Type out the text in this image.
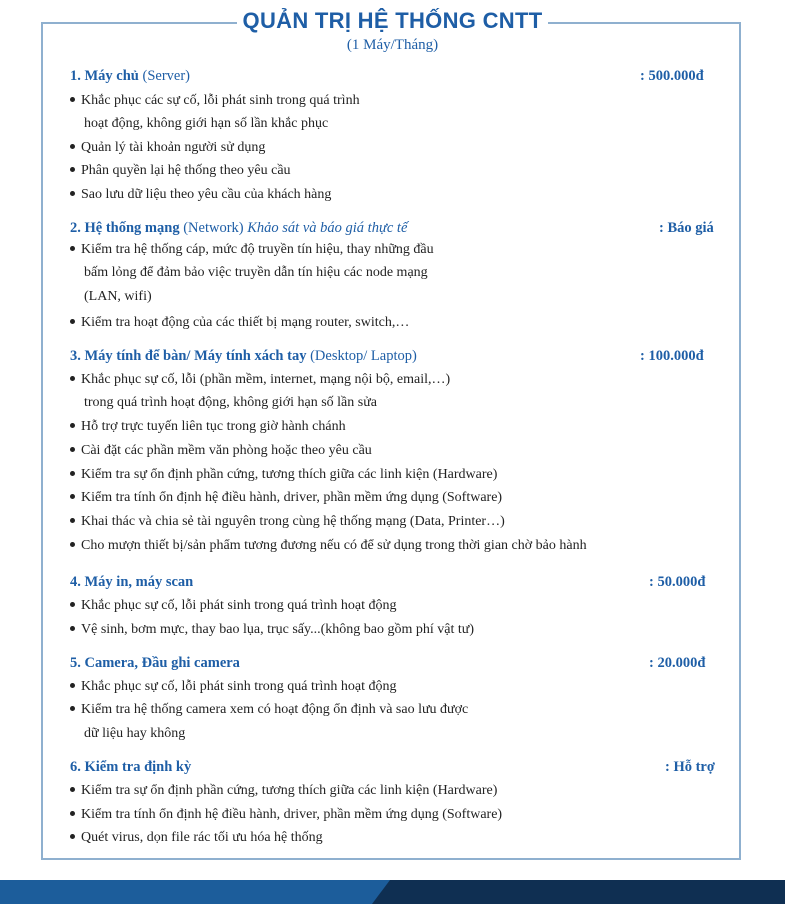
QUẢN TRỊ HỆ THỐNG CNTT
(1 Máy/Tháng)
1. Máy chủ (Server)	: 500.000đ
Khắc phục các sự cố, lỗi phát sinh trong quá trình
hoạt động, không giới hạn số lần khắc phục
Quản lý tài khoản người sử dụng
Phân quyền lại hệ thống theo yêu cầu
Sao lưu dữ liệu theo yêu cầu của khách hàng
2. Hệ thống mạng (Network) Khảo sát và báo giá thực tế	: Báo giá
Kiểm tra hệ thống cáp, mức độ truyền tín hiệu, thay những đầu
bấm lỏng để đảm bảo việc truyền dẫn tín hiệu các node mạng
(LAN, wifi)
Kiểm tra hoạt động của các thiết bị mạng router, switch,…
3. Máy tính để bàn/ Máy tính xách tay (Desktop/ Laptop)	: 100.000đ
Khắc phục sự cố, lỗi (phần mềm, internet, mạng nội bộ, email,…)
trong quá trình hoạt động, không giới hạn số lần sửa
Hỗ trợ trực tuyến liên tục trong giờ hành chánh
Cài đặt các phần mềm văn phòng hoặc theo yêu cầu
Kiểm tra sự ổn định phần cứng, tương thích giữa các linh kiện (Hardware)
Kiểm tra tính ổn định hệ điều hành, driver, phần mềm ứng dụng (Software)
Khai thác và chia sẻ tài nguyên trong cùng hệ thống mạng (Data, Printer…)
Cho mượn thiết bị/sản phẩm tương đương nếu có để sử dụng trong thời gian chờ bảo hành
4. Máy in, máy scan	: 50.000đ
Khắc phục sự cố, lỗi phát sinh trong quá trình hoạt động
Vệ sinh, bơm mực, thay bao lụa, trục sấy...(không bao gồm phí vật tư)
5. Camera, Đầu ghi camera	: 20.000đ
Khắc phục sự cố, lỗi phát sinh trong quá trình hoạt động
Kiểm tra hệ thống camera xem có hoạt động ổn định và sao lưu được
dữ liệu hay không
6. Kiểm tra định kỳ	: Hỗ trợ
Kiểm tra sự ổn định phần cứng, tương thích giữa các linh kiện (Hardware)
Kiểm tra tính ổn định hệ điều hành, driver, phần mềm ứng dụng (Software)
Quét virus, dọn file rác tối ưu hóa hệ thống
